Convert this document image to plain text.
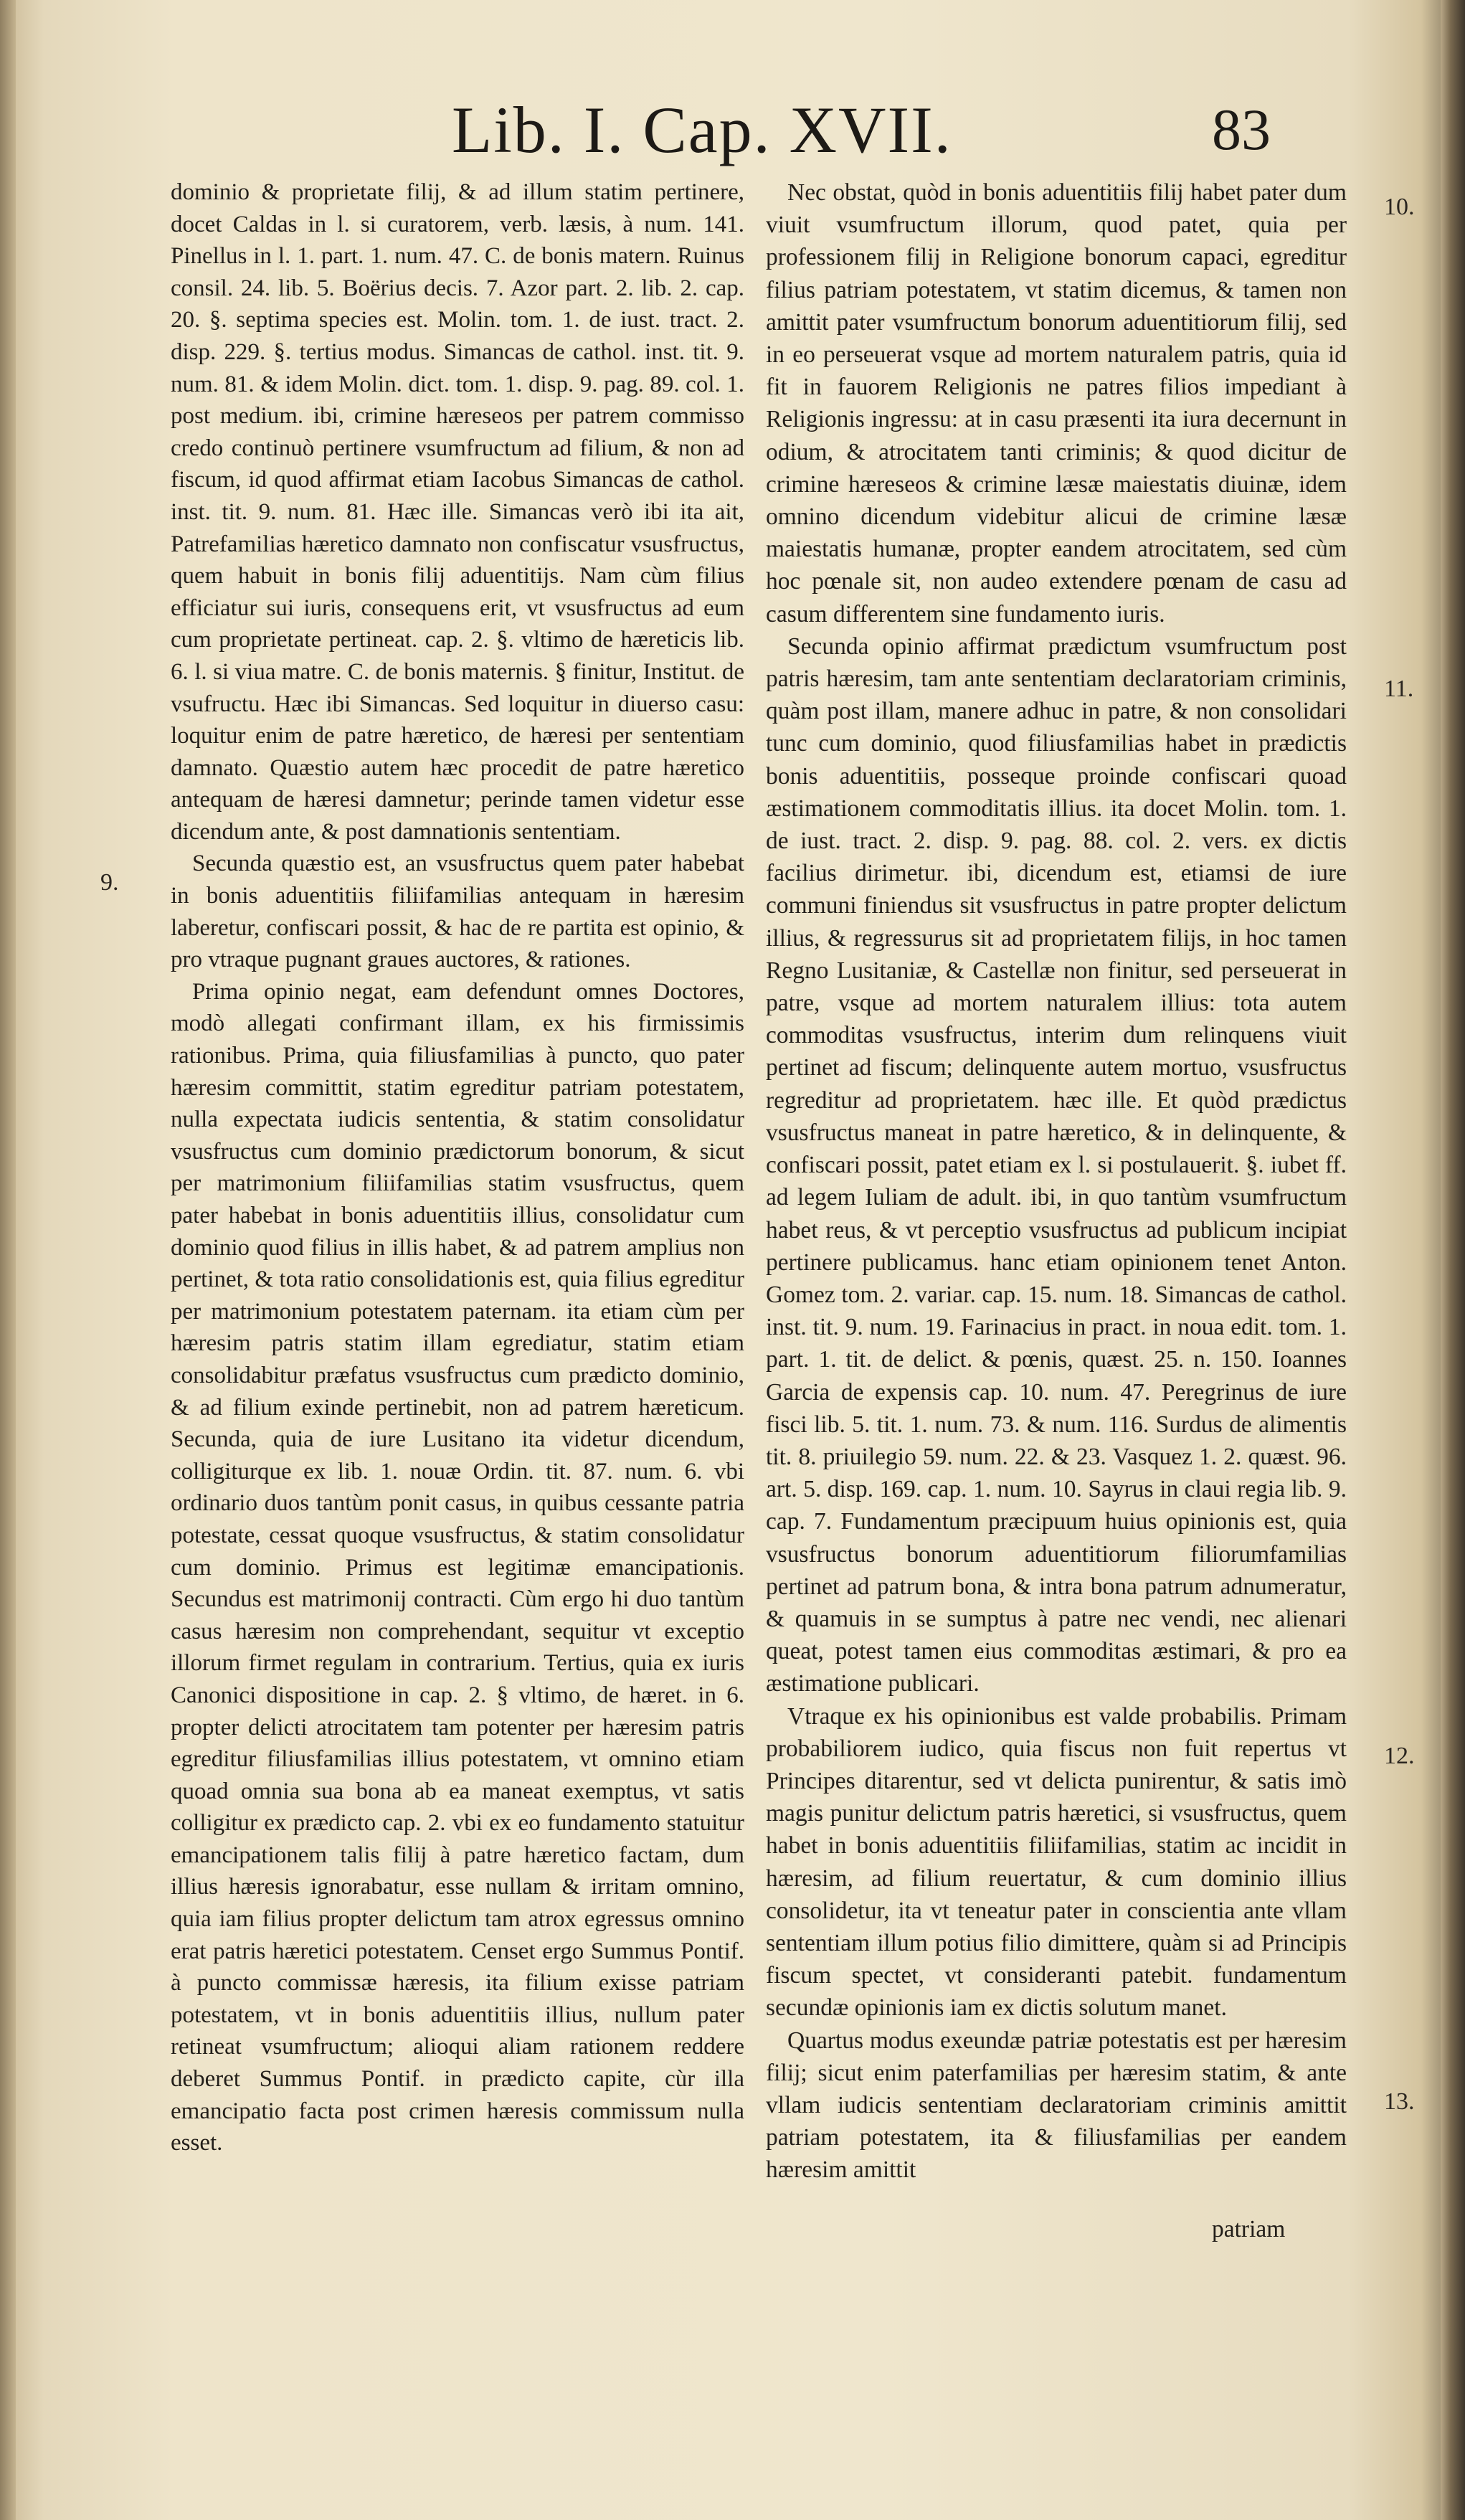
Lib. I. Cap. XVII.	83
9.
10.
11.
12.
13.

dominio & proprietate filij, & ad illum statim pertinere, docet Caldas in l. si curatorem, verb. læsis, à num. 141. Pinellus in l. 1. part. 1. num. 47. C. de bonis matern. Ruinus consil. 24. lib. 5. Boërius decis. 7. Azor part. 2. lib. 2. cap. 20. §. septima species est. Molin. tom. 1. de iust. tract. 2. disp. 229. §. tertius modus. Simancas de cathol. inst. tit. 9. num. 81. & idem Molin. dict. tom. 1. disp. 9. pag. 89. col. 1. post medium. ibi, crimine hæreseos per patrem commisso credo continuò pertinere vsumfructum ad filium, & non ad fiscum, id quod affirmat etiam Iacobus Simancas de cathol. inst. tit. 9. num. 81. Hæc ille. Simancas verò ibi ita ait, Patrefamilias hæretico damnato non confiscatur vsusfructus, quem habuit in bonis filij aduentitijs. Nam cùm filius efficiatur sui iuris, consequens erit, vt vsusfructus ad eum cum proprietate pertineat. cap. 2. §. vltimo de hæreticis lib. 6. l. si viua matre. C. de bonis maternis. § finitur, Institut. de vsufructu. Hæc ibi Simancas. Sed loquitur in diuerso casu: loquitur enim de patre hæretico, de hæresi per sententiam damnato. Quæstio autem hæc procedit de patre hæretico antequam de hæresi damnetur; perinde tamen videtur esse dicendum ante, & post damnationis sententiam.

Secunda quæstio est, an vsusfructus quem pater habebat in bonis aduentitiis filiifamilias antequam in hæresim laberetur, confiscari possit, & hac de re partita est opinio, & pro vtraque pugnant graues auctores, & rationes.

Prima opinio negat, eam defendunt omnes Doctores, modò allegati confirmant illam, ex his firmissimis rationibus. Prima, quia filiusfamilias à puncto, quo pater hæresim committit, statim egreditur patriam potestatem, nulla expectata iudicis sententia, & statim consolidatur vsusfructus cum dominio prædictorum bonorum, & sicut per matrimonium filiifamilias statim vsusfructus, quem pater habebat in bonis aduentitiis illius, consolidatur cum dominio quod filius in illis habet, & ad patrem amplius non pertinet, & tota ratio consolidationis est, quia filius egreditur per matrimonium potestatem paternam. ita etiam cùm per hæresim patris statim illam egrediatur, statim etiam consolidabitur præfatus vsusfructus cum prædicto dominio, & ad filium exinde pertinebit, non ad patrem hæreticum. Secunda, quia de iure Lusitano ita videtur dicendum, colligiturque ex lib. 1. nouæ Ordin. tit. 87. num. 6. vbi ordinario duos tantùm ponit casus, in quibus cessante patria potestate, cessat quoque vsusfructus, & statim consolidatur cum dominio. Primus est legitimæ emancipationis. Secundus est matrimonij contracti. Cùm ergo hi duo tantùm casus hæresim non comprehendant, sequitur vt exceptio illorum firmet regulam in contrarium. Tertius, quia ex iuris Canonici dispositione in cap. 2. § vltimo, de hæret. in 6. propter delicti atrocitatem tam potenter per hæresim patris egreditur filiusfamilias illius potestatem, vt omnino etiam quoad omnia sua bona ab ea maneat exemptus, vt satis colligitur ex prædicto cap. 2. vbi ex eo fundamento statuitur emancipationem talis filij à patre hæretico factam, dum illius hæresis ignorabatur, esse nullam & irritam omnino, quia iam filius propter delictum tam atrox egressus omnino erat patris hæretici potestatem. Censet ergo Summus Pontif. à puncto commissæ hæresis, ita filium exisse patriam potestatem, vt in bonis aduentitiis illius, nullum pater retineat vsumfructum; alioqui aliam rationem reddere deberet Summus Pontif. in prædicto capite, cùr illa emancipatio facta post crimen hæresis commissum nulla esset.

Nec obstat, quòd in bonis aduentitiis filij habet pater dum viuit vsumfructum illorum, quod patet, quia per professionem filij in Religione bonorum capaci, egreditur filius patriam potestatem, vt statim dicemus, & tamen non amittit pater vsumfructum bonorum aduentitiorum filij, sed in eo perseuerat vsque ad mortem naturalem patris, quia id fit in fauorem Religionis ne patres filios impediant à Religionis ingressu: at in casu præsenti ita iura decernunt in odium, & atrocitatem tanti criminis; & quod dicitur de crimine hæreseos & crimine læsæ maiestatis diuinæ, idem omnino dicendum videbitur alicui de crimine læsæ maiestatis humanæ, propter eandem atrocitatem, sed cùm hoc pœnale sit, non audeo extendere pœnam de casu ad casum differentem sine fundamento iuris.

Secunda opinio affirmat prædictum vsumfructum post patris hæresim, tam ante sententiam declaratoriam criminis, quàm post illam, manere adhuc in patre, & non consolidari tunc cum dominio, quod filiusfamilias habet in prædictis bonis aduentitiis, posseque proinde confiscari quoad æstimationem commoditatis illius. ita docet Molin. tom. 1. de iust. tract. 2. disp. 9. pag. 88. col. 2. vers. ex dictis facilius dirimetur. ibi, dicendum est, etiamsi de iure communi finiendus sit vsusfructus in patre propter delictum illius, & regressurus sit ad proprietatem filijs, in hoc tamen Regno Lusitaniæ, & Castellæ non finitur, sed perseuerat in patre, vsque ad mortem naturalem illius: tota autem commoditas vsusfructus, interim dum relinquens viuit pertinet ad fiscum; delinquente autem mortuo, vsusfructus regreditur ad proprietatem. hæc ille. Et quòd prædictus vsusfructus maneat in patre hæretico, & in delinquente, & confiscari possit, patet etiam ex l. si postulauerit. §. iubet ff. ad legem Iuliam de adult. ibi, in quo tantùm vsumfructum habet reus, & vt perceptio vsusfructus ad publicum incipiat pertinere publicamus. hanc etiam opinionem tenet Anton. Gomez tom. 2. variar. cap. 15. num. 18. Simancas de cathol. inst. tit. 9. num. 19. Farinacius in pract. in noua edit. tom. 1. part. 1. tit. de delict. & pœnis, quæst. 25. n. 150. Ioannes Garcia de expensis cap. 10. num. 47. Peregrinus de iure fisci lib. 5. tit. 1. num. 73. & num. 116. Surdus de alimentis tit. 8. priuilegio 59. num. 22. & 23. Vasquez 1. 2. quæst. 96. art. 5. disp. 169. cap. 1. num. 10. Sayrus in claui regia lib. 9. cap. 7. Fundamentum præcipuum huius opinionis est, quia vsusfructus bonorum aduentitiorum filiorumfamilias pertinet ad patrum bona, & intra bona patrum adnumeratur, & quamuis in se sumptus à patre nec vendi, nec alienari queat, potest tamen eius commoditas æstimari, & pro ea æstimatione publicari.

Vtraque ex his opinionibus est valde probabilis. Primam probabiliorem iudico, quia fiscus non fuit repertus vt Principes ditarentur, sed vt delicta punirentur, & satis imò magis punitur delictum patris hæretici, si vsusfructus, quem habet in bonis aduentitiis filiifamilias, statim ac incidit in hæresim, ad filium reuertatur, & cum dominio illius consolidetur, ita vt teneatur pater in conscientia ante vllam sententiam illum potius filio dimittere, quàm si ad Principis fiscum spectet, vt consideranti patebit. fundamentum secundæ opinionis iam ex dictis solutum manet.

Quartus modus exeundæ patriæ potestatis est per hæresim filij; sicut enim paterfamilias per hæresim statim, & ante vllam iudicis sententiam declaratoriam criminis amittit patriam potestatem, ita & filiusfamilias per eandem hæresim amittit

patriam
